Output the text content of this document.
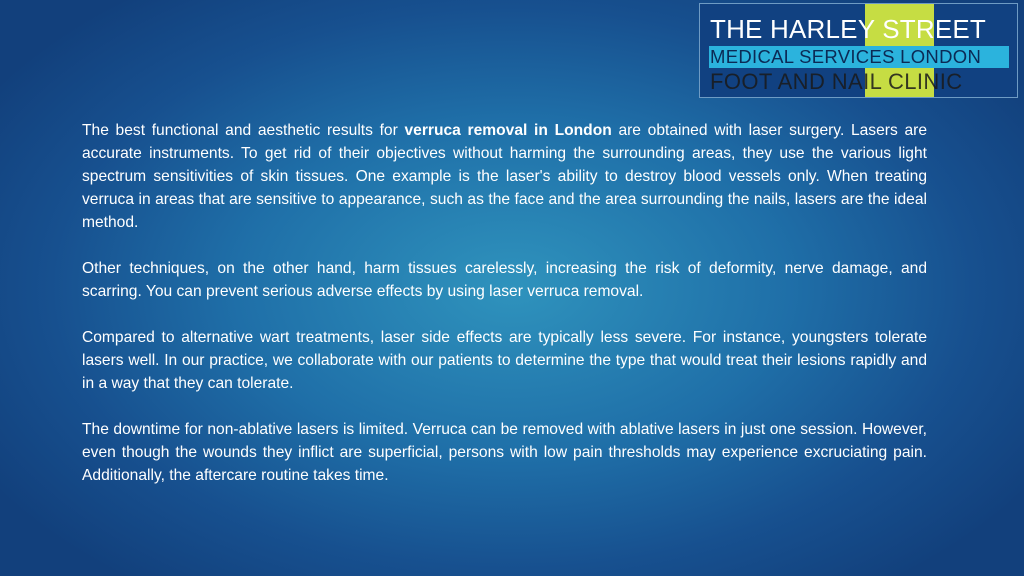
THE HARLEY STREET
MEDICAL SERVICES LONDON
FOOT AND NAIL CLINIC

The best functional and aesthetic results for verruca removal in London are obtained with laser surgery. Lasers are accurate instruments. To get rid of their objectives without harming the surrounding areas, they use the various light spectrum sensitivities of skin tissues. One example is the laser's ability to destroy blood vessels only. When treating verruca in areas that are sensitive to appearance, such as the face and the area surrounding the nails, lasers are the ideal method.

Other techniques, on the other hand, harm tissues carelessly, increasing the risk of deformity, nerve damage, and scarring. You can prevent serious adverse effects by using laser verruca removal.

Compared to alternative wart treatments, laser side effects are typically less severe. For instance, youngsters tolerate lasers well. In our practice, we collaborate with our patients to determine the type that would treat their lesions rapidly and in a way that they can tolerate.

The downtime for non-ablative lasers is limited. Verruca can be removed with ablative lasers in just one session. However, even though the wounds they inflict are superficial, persons with low pain thresholds may experience excruciating pain. Additionally, the aftercare routine takes time.
